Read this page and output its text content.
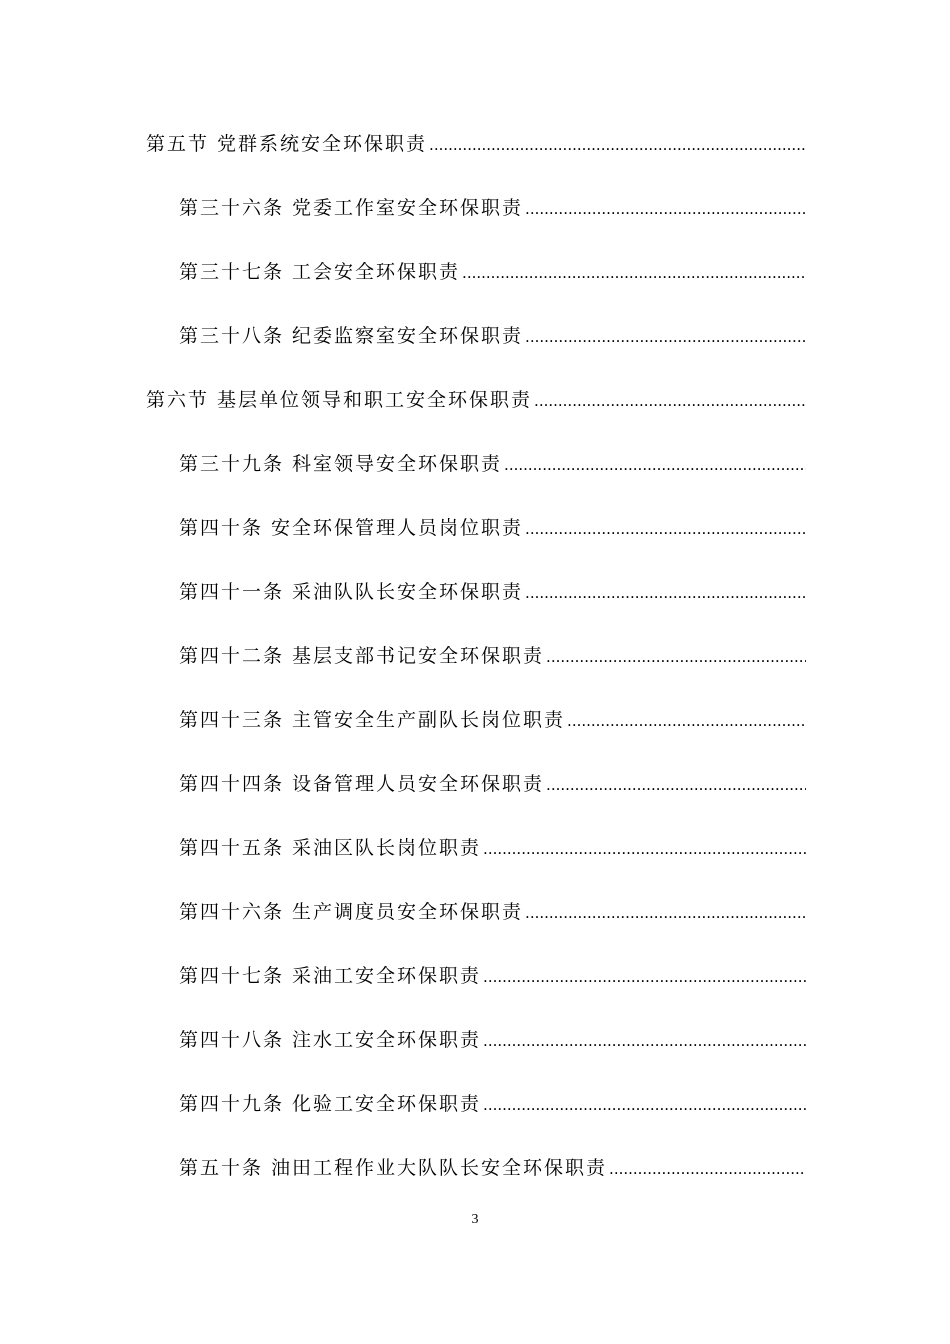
第五节 党群系统安全环保职责
.....
第三十六条 党委工作室安全环保职责
.....
第三十七条 工会安全环保职责
.....
第三十八条 纪委监察室安全环保职责
.....
第六节 基层单位领导和职工安全环保职责
.....
第三十九条 科室领导安全环保职责
.....
第四十条 安全环保管理人员岗位职责
.....
第四十一条 采油队队长安全环保职责
.....
第四十二条 基层支部书记安全环保职责
.....
第四十三条 主管安全生产副队长岗位职责
.....
第四十四条 设备管理人员安全环保职责
.....
第四十五条 采油区队长岗位职责
.....
第四十六条 生产调度员安全环保职责
.....
第四十七条 采油工安全环保职责
.....
第四十八条 注水工安全环保职责
.....
第四十九条 化验工安全环保职责
.....
第五十条 油田工程作业大队队长安全环保职责
.....
3
